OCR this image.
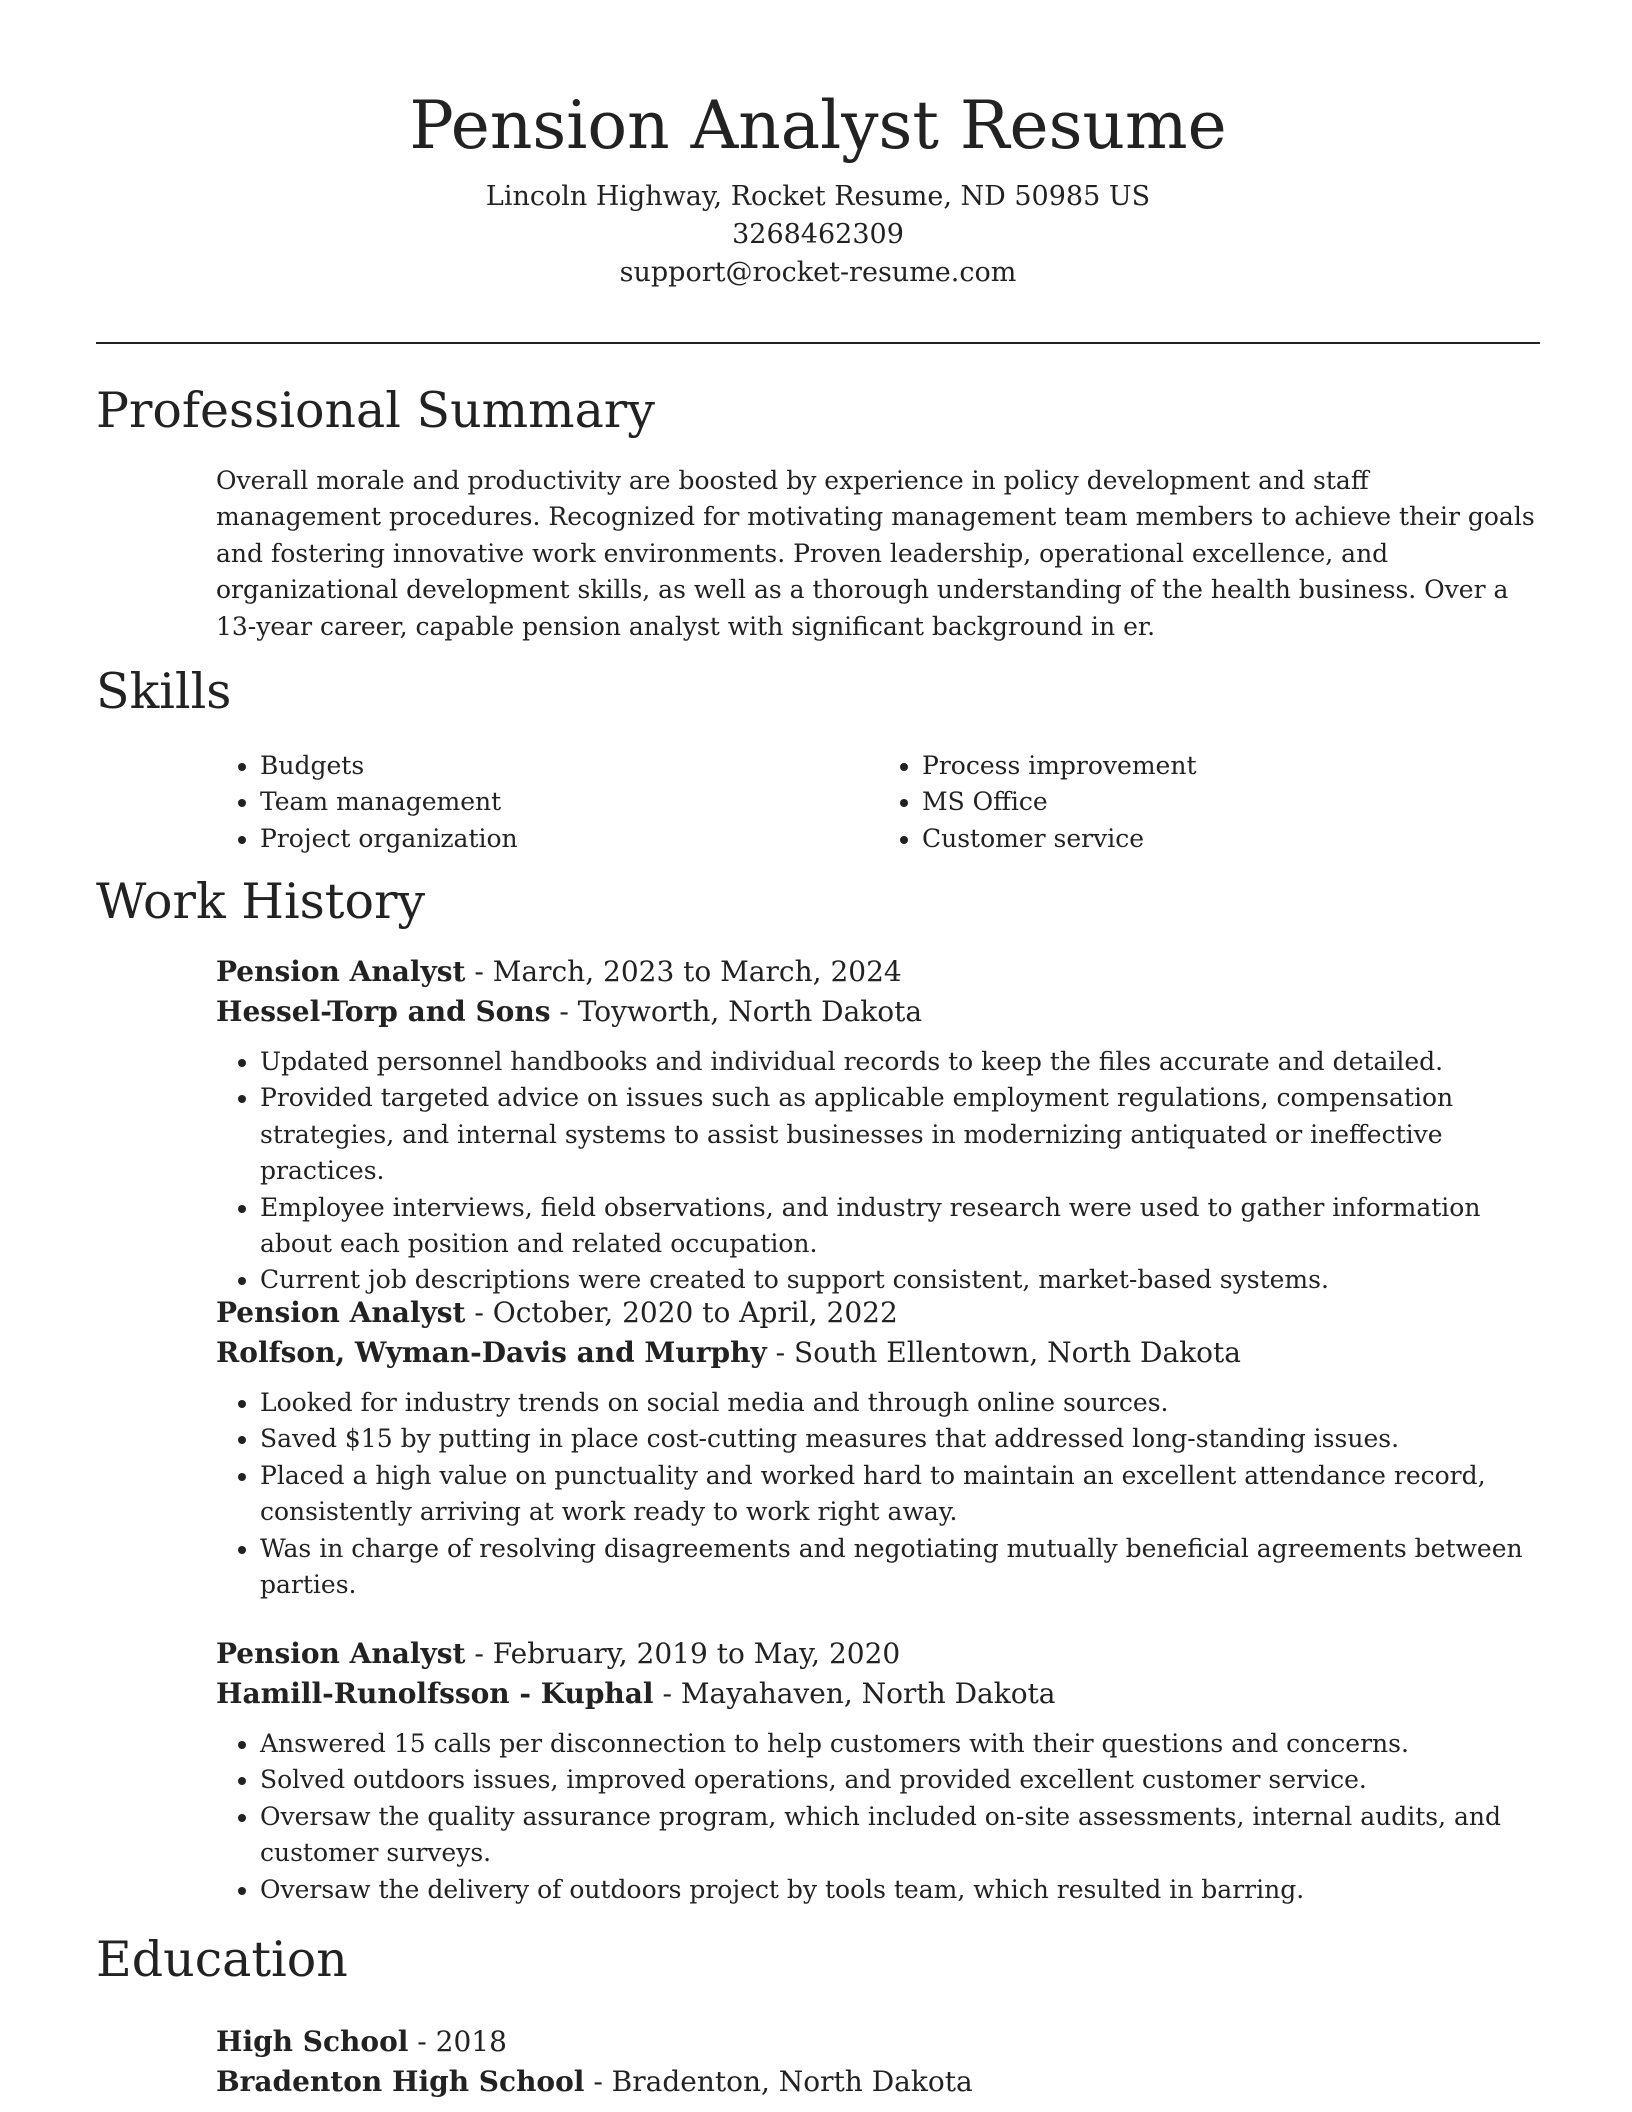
Pension Analyst Resume
Lincoln Highway, Rocket Resume, ND 50985 US
3268462309
support@rocket-resume.com
Professional Summary

Overall morale and productivity are boosted by experience in policy development and staff management procedures. Recognized for motivating management team members to achieve their goals and fostering innovative work environments. Proven leadership, operational excellence, and organizational development skills, as well as a thorough understanding of the health business. Over a 13-year career, capable pension analyst with significant background in er.

Skills
• Budgets
• Team management
• Project organization
• Process improvement
• MS Office
• Customer service
Work History
Pension Analyst - March, 2023 to March, 2024
Hessel-Torp and Sons - Toyworth, North Dakota
• Updated personnel handbooks and individual records to keep the files accurate and detailed.
• Provided targeted advice on issues such as applicable employment regulations, compensation strategies, and internal systems to assist businesses in modernizing antiquated or ineffective practices.
• Employee interviews, field observations, and industry research were used to gather information about each position and related occupation.
• Current job descriptions were created to support consistent, market-based systems.
Pension Analyst - October, 2020 to April, 2022
Rolfson, Wyman-Davis and Murphy - South Ellentown, North Dakota
• Looked for industry trends on social media and through online sources.
• Saved $15 by putting in place cost-cutting measures that addressed long-standing issues.
• Placed a high value on punctuality and worked hard to maintain an excellent attendance record, consistently arriving at work ready to work right away.
• Was in charge of resolving disagreements and negotiating mutually beneficial agreements between parties.
Pension Analyst - February, 2019 to May, 2020
Hamill-Runolfsson - Kuphal - Mayahaven, North Dakota
• Answered 15 calls per disconnection to help customers with their questions and concerns.
• Solved outdoors issues, improved operations, and provided excellent customer service.
• Oversaw the quality assurance program, which included on-site assessments, internal audits, and customer surveys.
• Oversaw the delivery of outdoors project by tools team, which resulted in barring.
Education
High School - 2018
Bradenton High School - Bradenton, North Dakota
